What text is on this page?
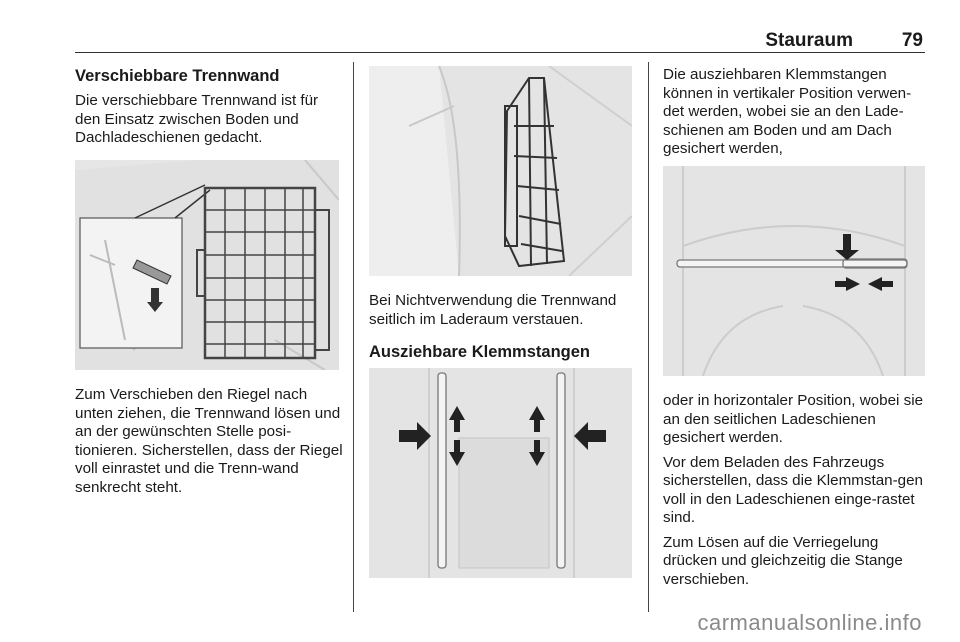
Stauraum	79

Verschiebbare Trennwand

Die verschiebbare Trennwand ist für den Einsatz zwischen Boden und Dachladeschienen gedacht.

Zum Verschieben den Riegel nach unten ziehen, die Trennwand lösen und an der gewünschten Stelle posi-tionieren. Sicherstellen, dass der Riegel voll einrastet und die Trenn-wand senkrecht steht.

Bei Nichtverwendung die Trennwand seitlich im Laderaum verstauen.

Ausziehbare Klemmstangen

Die ausziehbaren Klemmstangen können in vertikaler Position verwen-det werden, wobei sie an den Lade-schienen am Boden und am Dach gesichert werden,

oder in horizontaler Position, wobei sie an den seitlichen Ladeschienen gesichert werden.

Vor dem Beladen des Fahrzeugs sicherstellen, dass die Klemmstan-gen voll in den Ladeschienen einge-rastet sind.

Zum Lösen auf die Verriegelung drücken und gleichzeitig die Stange verschieben.

carmanualsonline.info
